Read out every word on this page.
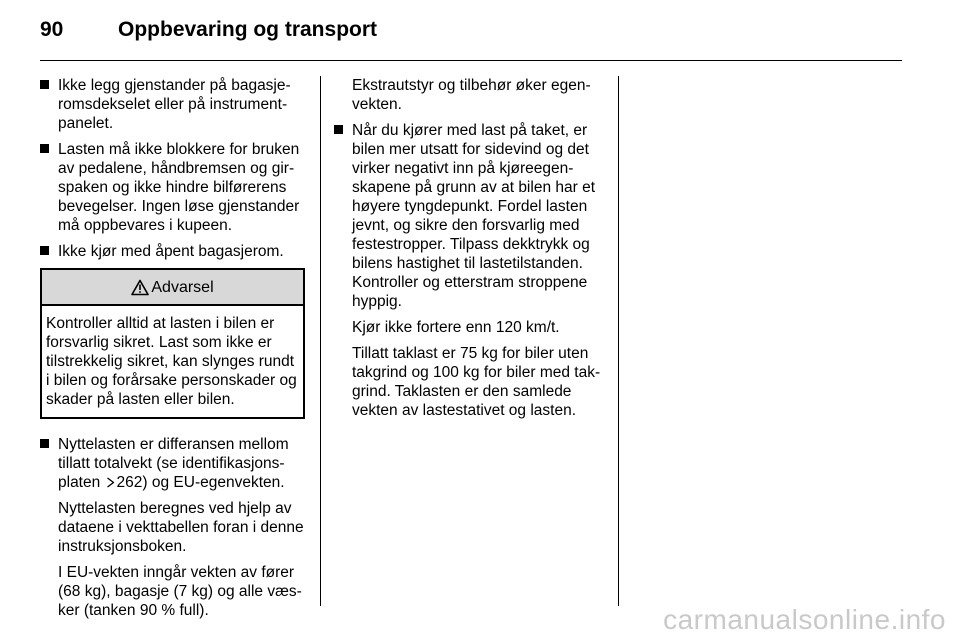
90	Oppbevaring og transport
Ikke legg gjenstander på bagasjeromsdekselet eller på instrumentpanelet.
Lasten må ikke blokkere for bruken av pedalene, håndbremsen og girspaken og ikke hindre bilførerens bevegelser. Ingen løse gjenstander må oppbevares i kupeen.
Ikke kjør med åpent bagasjerom.
Advarsel
Kontroller alltid at lasten i bilen er forsvarlig sikret. Last som ikke er tilstrekkelig sikret, kan slynges rundt i bilen og forårsake personskader og skader på lasten eller bilen.
Nyttelasten er differansen mellom tillatt totalvekt (se identifikasjonsplaten 262) og EU-egenvekten.
Nyttelasten beregnes ved hjelp av dataene i vekttabellen foran i denne instruksjonsboken.
I EU-vekten inngår vekten av fører (68 kg), bagasje (7 kg) og alle væsker (tanken 90 % full).
Ekstrautstyr og tilbehør øker egenvekten.
Når du kjører med last på taket, er bilen mer utsatt for sidevind og det virker negativt inn på kjøreegenskapene på grunn av at bilen har et høyere tyngdepunkt. Fordel lasten jevnt, og sikre den forsvarlig med festestropper. Tilpass dekktrykk og bilens hastighet til lastetilstanden. Kontroller og etterstram stroppene hyppig.
Kjør ikke fortere enn 120 km/t.
Tillatt taklast er 75 kg for biler uten takgrind og 100 kg for biler med takgrind. Taklasten er den samlede vekten av lastestativet og lasten.
carmanualsonline.info
